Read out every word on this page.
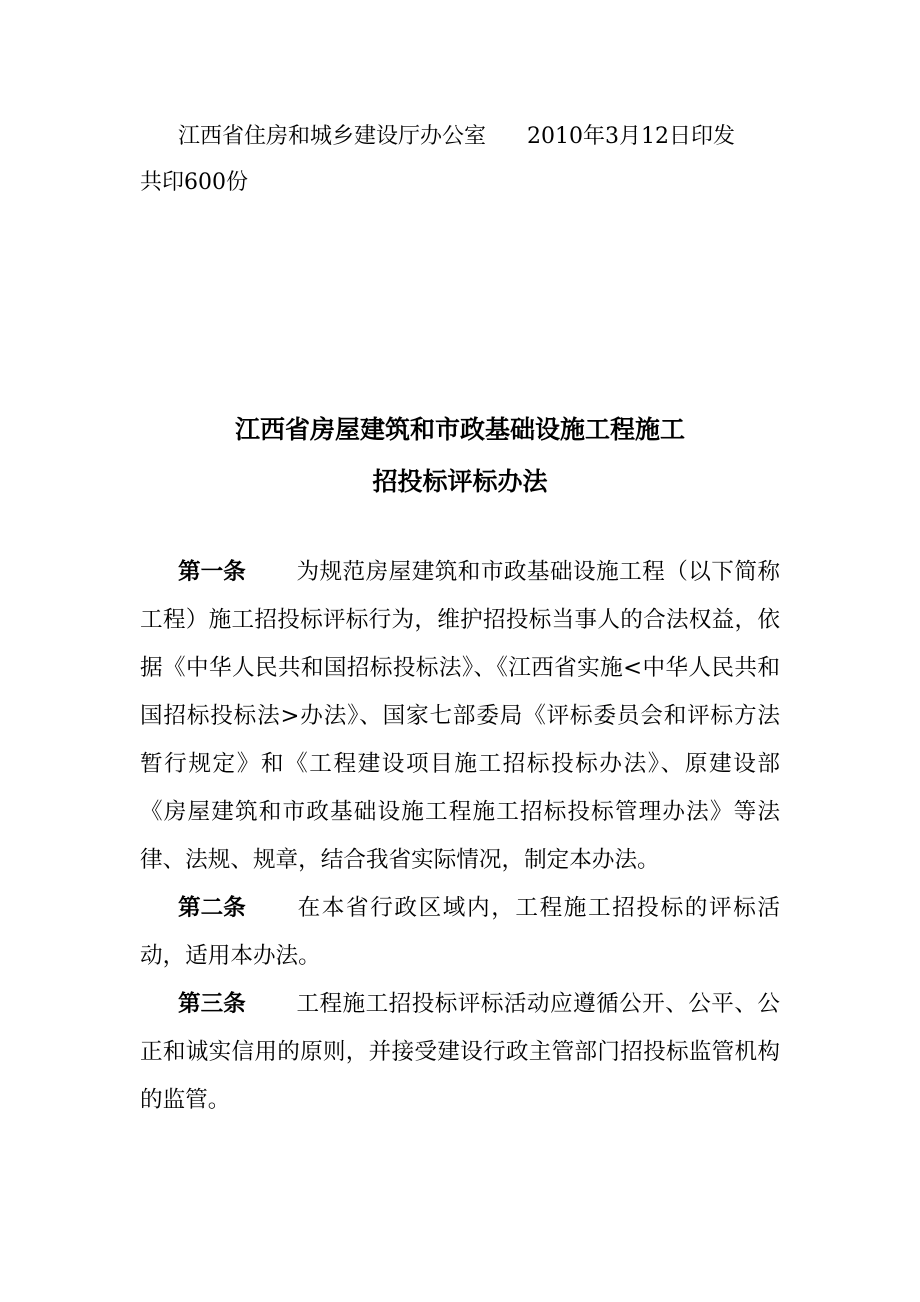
江西省住房和城乡建设厅办公室 2010年3月12日印发
共印600份
江西省房屋建筑和市政基础设施工程施工
招投标评标办法

第一条 为规范房屋建筑和市政基础设施工程（以下简称工程）施工招投标评标行为，维护招投标当事人的合法权益，依据《中华人民共和国招标投标法》、《江西省实施<中华人民共和国招标投标法>办法》、国家七部委局《评标委员会和评标方法暂行规定》和《工程建设项目施工招标投标办法》、原建设部《房屋建筑和市政基础设施工程施工招标投标管理办法》等法律、法规、规章，结合我省实际情况，制定本办法。

第二条 在本省行政区域内，工程施工招投标的评标活动，适用本办法。

第三条 工程施工招投标评标活动应遵循公开、公平、公正和诚实信用的原则，并接受建设行政主管部门招投标监管机构的监管。
